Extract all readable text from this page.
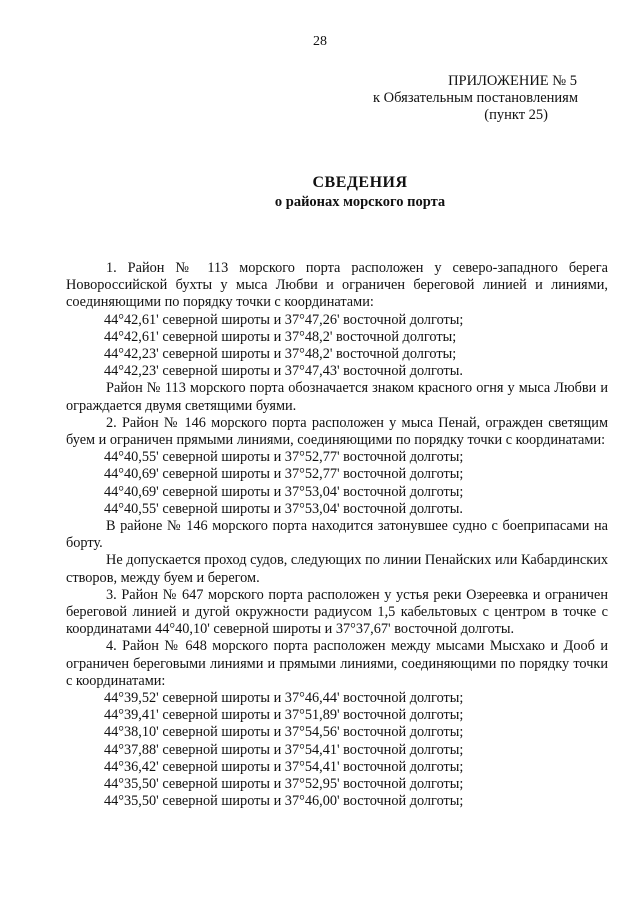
28
ПРИЛОЖЕНИЕ № 5
к Обязательным постановлениям
(пункт 25)
СВЕДЕНИЯ
о районах морского порта

1. Район № 113 морского порта расположен у северо-западного берега Новороссийской бухты у мыса Любви и ограничен береговой линией и линиями, соединяющими по порядку точки с координатами:

44°42,61' северной широты и 37°47,26' восточной долготы;

44°42,61' северной широты и 37°48,2' восточной долготы;

44°42,23' северной широты и 37°48,2' восточной долготы;

44°42,23' северной широты и 37°47,43' восточной долготы.

Район № 113 морского порта обозначается знаком красного огня у мыса Любви и ограждается двумя светящими буями.

2. Район № 146 морского порта расположен у мыса Пенай, огражден светящим буем и ограничен прямыми линиями, соединяющими по порядку точки с координатами:

44°40,55' северной широты и 37°52,77' восточной долготы;

44°40,69' северной широты и 37°52,77' восточной долготы;

44°40,69' северной широты и 37°53,04' восточной долготы;

44°40,55' северной широты и 37°53,04' восточной долготы.

В районе № 146 морского порта находится затонувшее судно с боеприпасами на борту.

Не допускается проход судов, следующих по линии Пенайских или Кабардинских створов, между буем и берегом.

3. Район № 647 морского порта расположен у устья реки Озереевка и ограничен береговой линией и дугой окружности радиусом 1,5 кабельтовых с центром в точке с координатами 44°40,10' северной широты и 37°37,67' восточной долготы.

4. Район № 648 морского порта расположен между мысами Мысхако и Дооб и ограничен береговыми линиями и прямыми линиями, соединяющими по порядку точки с координатами:

44°39,52' северной широты и 37°46,44' восточной долготы;

44°39,41' северной широты и 37°51,89' восточной долготы;

44°38,10' северной широты и 37°54,56' восточной долготы;

44°37,88' северной широты и 37°54,41' восточной долготы;

44°36,42' северной широты и 37°54,41' восточной долготы;

44°35,50' северной широты и 37°52,95' восточной долготы;

44°35,50' северной широты и 37°46,00' восточной долготы;
